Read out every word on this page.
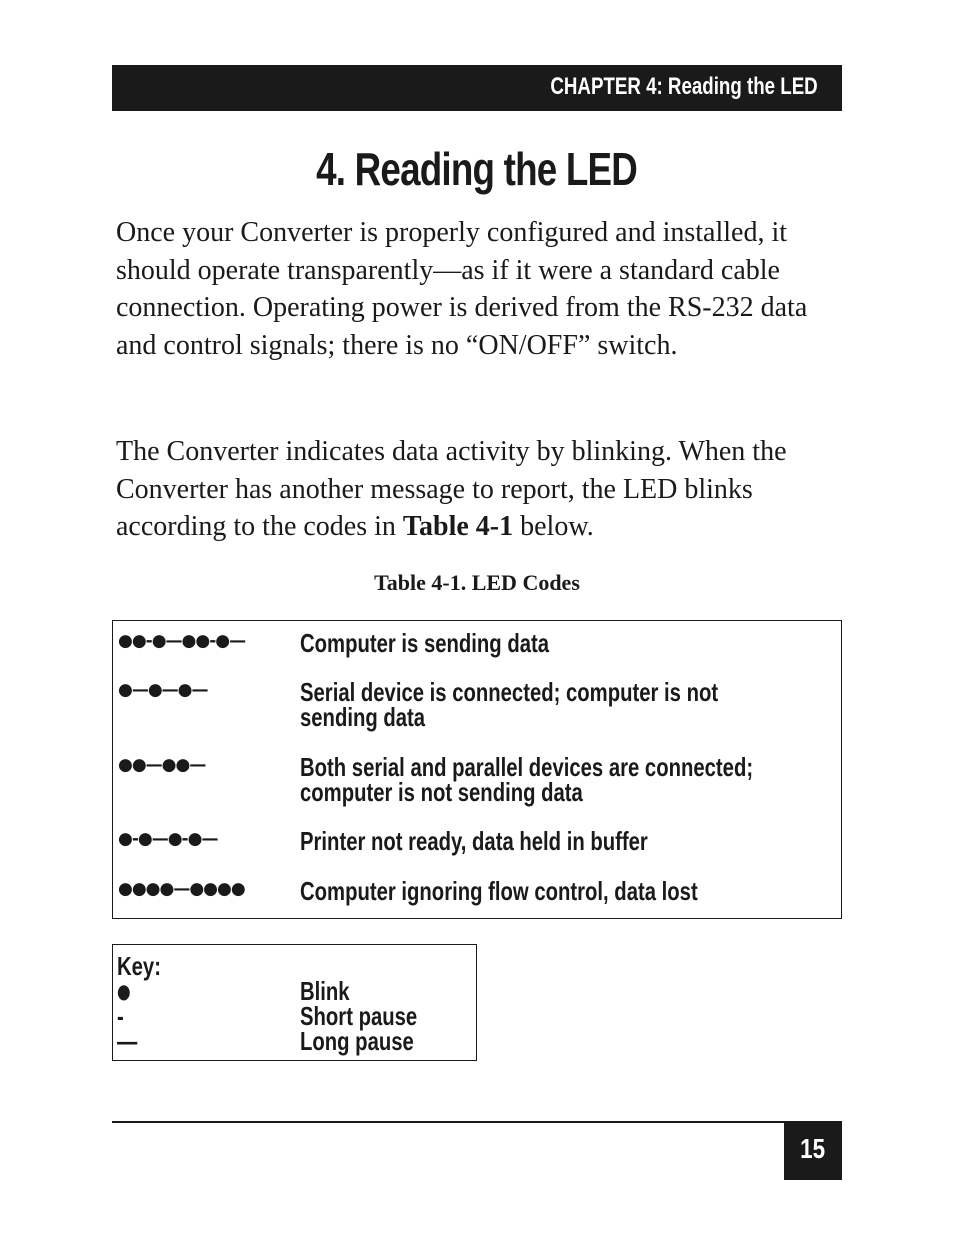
CHAPTER 4: Reading the LED
4. Reading the LED

Once your Converter is properly configured and installed, it should operate transparently—as if it were a standard cable connection. Operating power is derived from the RS-232 data and control signals; there is no “ON/OFF” switch.

The Converter indicates data activity by blinking. When the Converter has another message to report, the LED blinks according to the codes in Table 4-1 below.

Table 4-1. LED Codes
●●-●—●●-●— Computer is sending data
●—●—●—	Serial device is connected; computer is not sending data
●●—●●—	Both serial and parallel devices are connected; computer is not sending data
●-●—●-●—	Printer not ready, data held in buffer
●●●●—●●●● Computer ignoring flow control, data lost
Key:
●	Blink
-	Short pause
—	Long pause
15
